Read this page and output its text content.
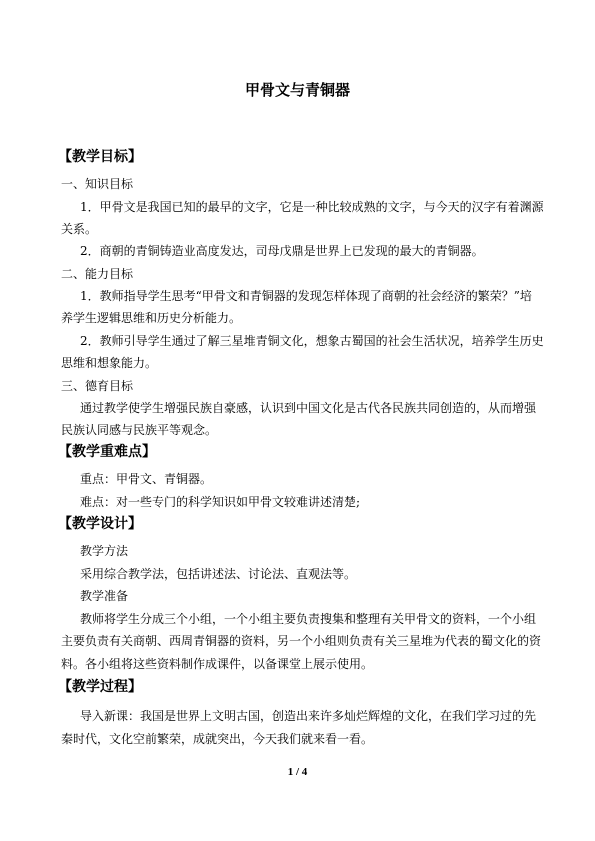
甲骨文与青铜器
【教学目标】
一、知识目标
1．甲骨文是我国已知的最早的文字，它是一种比较成熟的文字，与今天的汉字有着渊源
关系。
2．商朝的青铜铸造业高度发达，司母戊鼎是世界上已发现的最大的青铜器。
二、能力目标
1．教师指导学生思考“甲骨文和青铜器的发现怎样体现了商朝的社会经济的繁荣？”培
养学生逻辑思维和历史分析能力。
2．教师引导学生通过了解三星堆青铜文化，想象古蜀国的社会生活状况，培养学生历史
思维和想象能力。
三、德育目标
通过教学使学生增强民族自豪感，认识到中国文化是古代各民族共同创造的，从而增强
民族认同感与民族平等观念。
【教学重难点】
重点：甲骨文、青铜器。
难点：对一些专门的科学知识如甲骨文较难讲述清楚;
【教学设计】
教学方法
采用综合教学法，包括讲述法、讨论法、直观法等。
教学准备
教师将学生分成三个小组，一个小组主要负责搜集和整理有关甲骨文的资料，一个小组
主要负责有关商朝、西周青铜器的资料，另一个小组则负责有关三星堆为代表的蜀文化的资
料。各小组将这些资料制作成课件，以备课堂上展示使用。
【教学过程】
导入新课：我国是世界上文明古国，创造出来许多灿烂辉煌的文化，在我们学习过的先
秦时代，文化空前繁荣，成就突出，今天我们就来看一看。
1 / 4
